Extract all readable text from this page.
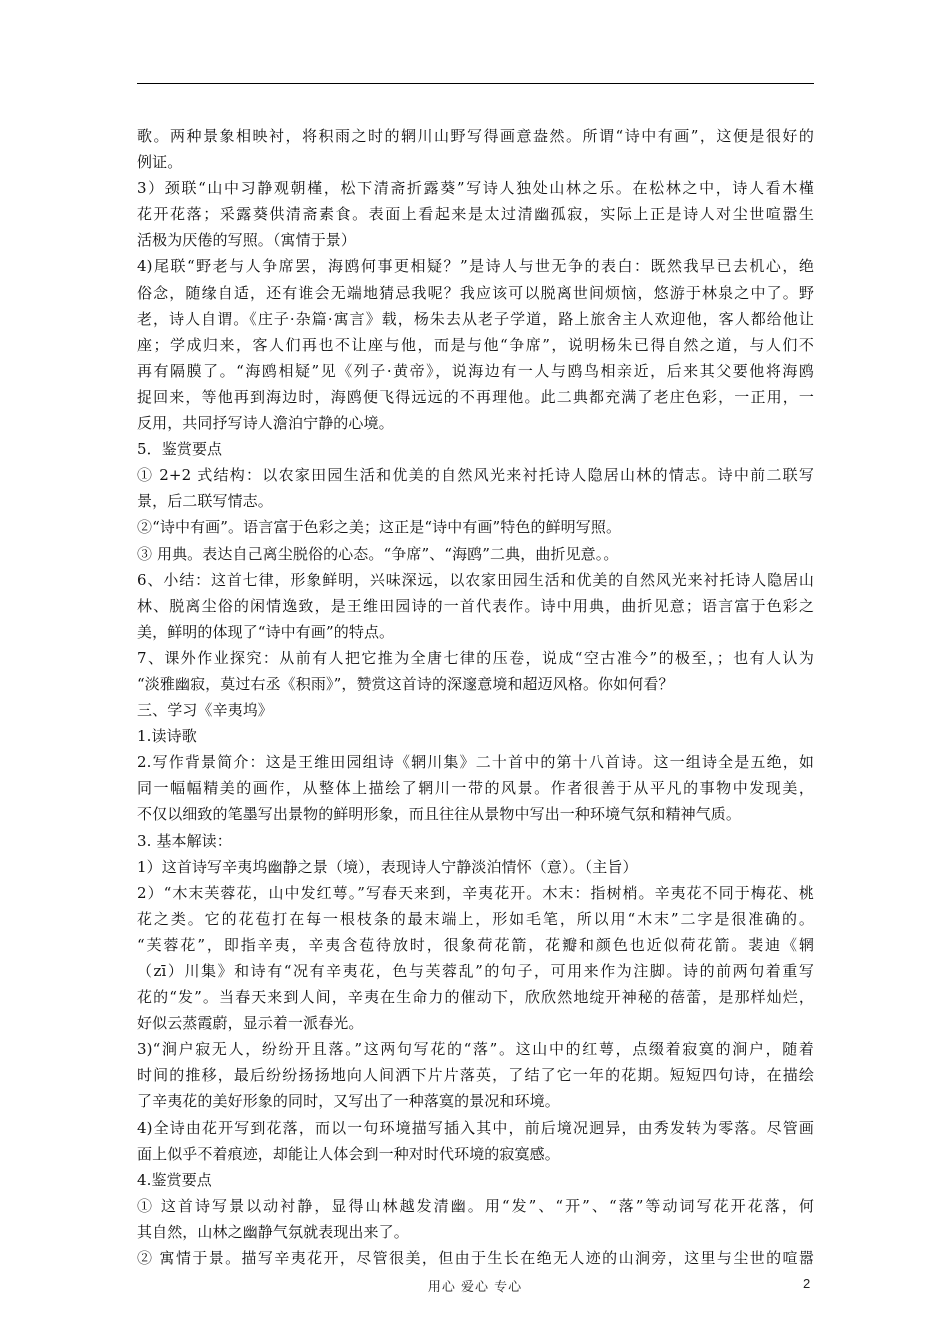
歌。两种景象相映衬，将积雨之时的辋川山野写得画意盎然。所谓“诗中有画”，这便是很好的
例证。
3）颈联“山中习静观朝槿，松下清斋折露葵”写诗人独处山林之乐。在松林之中，诗人看木槿
花开花落；采露葵供清斋素食。表面上看起来是太过清幽孤寂，实际上正是诗人对尘世喧嚣生
活极为厌倦的写照。（寓情于景）
4)尾联“野老与人争席罢，海鸥何事更相疑？”是诗人与世无争的表白：既然我早已去机心，绝
俗念，随缘自适，还有谁会无端地猜忌我呢？我应该可以脱离世间烦恼，悠游于林泉之中了。野
老，诗人自谓。《庄子·杂篇·寓言》载，杨朱去从老子学道，路上旅舍主人欢迎他，客人都给他让
座；学成归来，客人们再也不让座与他，而是与他“争席”，说明杨朱已得自然之道，与人们不
再有隔膜了。“海鸥相疑”见《列子·黄帝》，说海边有一人与鸥鸟相亲近，后来其父要他将海鸥
捉回来，等他再到海边时，海鸥便飞得远远的不再理他。此二典都充满了老庄色彩，一正用，一
反用，共同抒写诗人澹泊宁静的心境。
5．鉴赏要点
① 2+2 式结构：以农家田园生活和优美的自然风光来衬托诗人隐居山林的情志。诗中前二联写
景，后二联写情志。
②“诗中有画”。语言富于色彩之美；这正是“诗中有画”特色的鲜明写照。
③ 用典。表达自己离尘脱俗的心态。“争席”、“海鸥”二典，曲折见意。。
6、小结：这首七律，形象鲜明，兴味深远，以农家田园生活和优美的自然风光来衬托诗人隐居山
林、脱离尘俗的闲情逸致，是王维田园诗的一首代表作。诗中用典，曲折见意；语言富于色彩之
美，鲜明的体现了“诗中有画”的特点。
7、课外作业探究：从前有人把它推为全唐七律的压卷，说成“空古准今”的极至，；也有人认为
“淡雅幽寂，莫过右丞《积雨》”，赞赏这首诗的深邃意境和超迈风格。你如何看？
三、学习《辛夷坞》
1.读诗歌
2.写作背景简介：这是王维田园组诗《辋川集》二十首中的第十八首诗。这一组诗全是五绝，如
同一幅幅精美的画作，从整体上描绘了辋川一带的风景。作者很善于从平凡的事物中发现美，
不仅以细致的笔墨写出景物的鲜明形象，而且往往从景物中写出一种环境气氛和精神气质。
3. 基本解读：
1）这首诗写辛夷坞幽静之景（境），表现诗人宁静淡泊情怀（意）。（主旨）
2）“木末芙蓉花，山中发红萼。”写春天来到，辛夷花开。木末：指树梢。辛夷花不同于梅花、桃
花之类。它的花苞打在每一根枝条的最末端上，形如毛笔，所以用“木末”二字是很准确的。
“芙蓉花”，即指辛夷，辛夷含苞待放时，很象荷花箭，花瓣和颜色也近似荷花箭。裴迪《辋
（zī）川集》和诗有“况有辛夷花，色与芙蓉乱”的句子，可用来作为注脚。诗的前两句着重写
花的“发”。当春天来到人间，辛夷在生命力的催动下，欣欣然地绽开神秘的蓓蕾，是那样灿烂，
好似云蒸霞蔚，显示着一派春光。
3)“涧户寂无人，纷纷开且落。”这两句写花的“落”。这山中的红萼，点缀着寂寞的涧户，随着
时间的推移，最后纷纷扬扬地向人间洒下片片落英，了结了它一年的花期。短短四句诗，在描绘
了辛夷花的美好形象的同时，又写出了一种落寞的景况和环境。
4)全诗由花开写到花落，而以一句环境描写插入其中，前后境况迥异，由秀发转为零落。尽管画
面上似乎不着痕迹，却能让人体会到一种对时代环境的寂寞感。
4.鉴赏要点
① 这首诗写景以动衬静，显得山林越发清幽。用“发”、“开”、“落”等动词写花开花落，何
其自然，山林之幽静气氛就表现出来了。
② 寓情于景。描写辛夷花开，尽管很美，但由于生长在绝无人迹的山涧旁，这里与尘世的喧嚣
用心 爱心 专心	2
